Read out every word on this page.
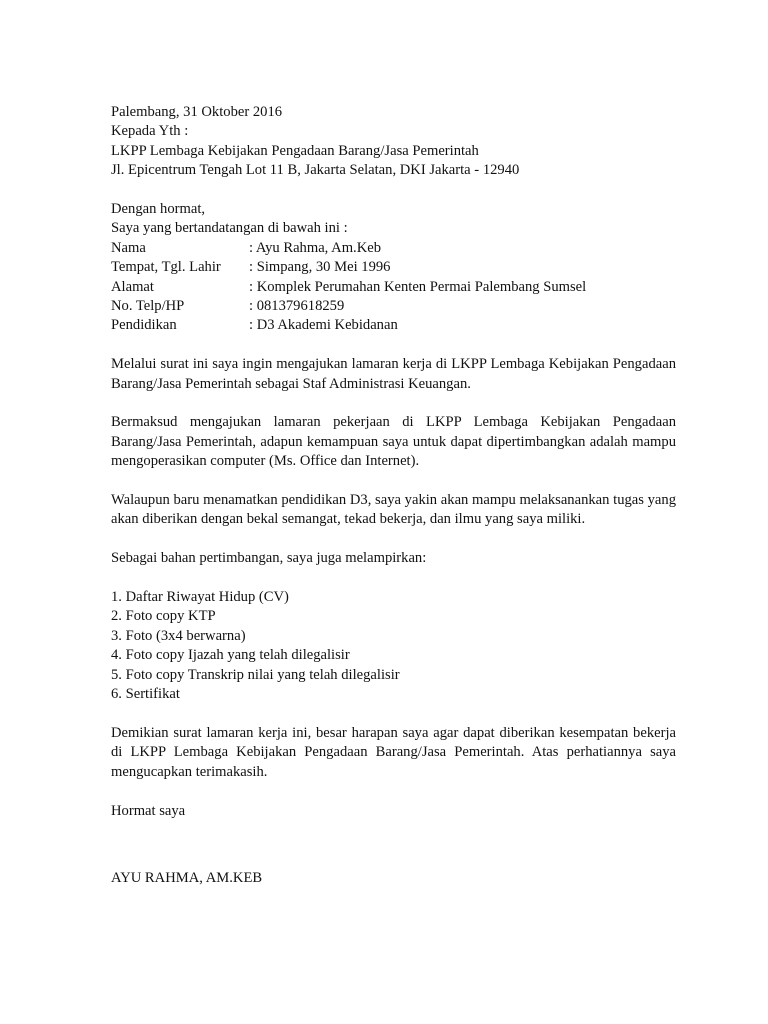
Palembang, 31 Oktober 2016
Kepada Yth :
LKPP Lembaga Kebijakan Pengadaan Barang/Jasa Pemerintah
Jl. Epicentrum Tengah Lot 11 B, Jakarta Selatan, DKI Jakarta - 12940
Dengan hormat,
Saya yang bertandatangan di bawah ini :
Nama	: Ayu Rahma, Am.Keb
Tempat, Tgl. Lahir	: Simpang, 30 Mei 1996
Alamat	: Komplek Perumahan Kenten Permai Palembang Sumsel
No. Telp/HP	: 081379618259
Pendidikan	: D3 Akademi Kebidanan

Melalui surat ini saya ingin mengajukan lamaran kerja di LKPP Lembaga Kebijakan Pengadaan Barang/Jasa Pemerintah sebagai Staf Administrasi Keuangan.

Bermaksud mengajukan lamaran pekerjaan di LKPP Lembaga Kebijakan Pengadaan Barang/Jasa Pemerintah, adapun kemampuan saya untuk dapat dipertimbangkan adalah mampu mengoperasikan computer (Ms. Office dan Internet).

Walaupun baru menamatkan pendidikan D3, saya yakin akan mampu melaksanankan tugas yang akan diberikan dengan bekal semangat, tekad bekerja, dan ilmu yang saya miliki.

Sebagai bahan pertimbangan, saya juga melampirkan:

1. Daftar Riwayat Hidup (CV)
2. Foto copy KTP
3. Foto (3x4 berwarna)
4. Foto copy Ijazah yang telah dilegalisir
5. Foto copy Transkrip nilai yang telah dilegalisir
6. Sertifikat

Demikian surat lamaran kerja ini, besar harapan saya agar dapat diberikan kesempatan bekerja di LKPP Lembaga Kebijakan Pengadaan Barang/Jasa Pemerintah. Atas perhatiannya saya mengucapkan terimakasih.

Hormat saya
AYU RAHMA, AM.KEB
